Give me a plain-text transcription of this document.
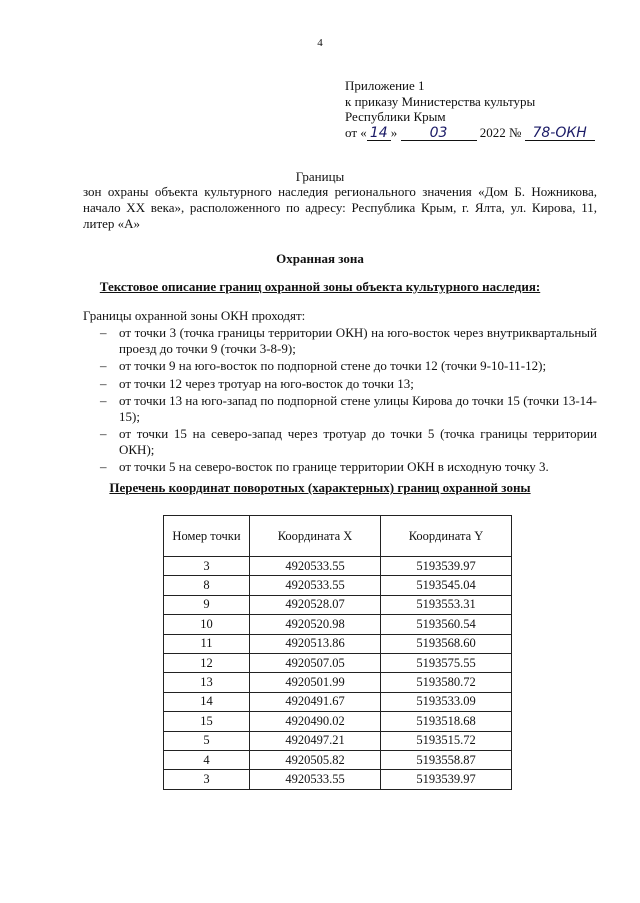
4
Приложение 1
к приказу Министерства культуры
Республики Крым
от « 14 » 03 2022 № 78-ОКН
Границы
зон охраны объекта культурного наследия регионального значения «Дом Б. Ножникова, начало XX века», расположенного по адресу: Республика Крым, г. Ялта, ул. Кирова, 11, литер «А»
Охранная зона
Текстовое описание границ охранной зоны объекта культурного наследия:
Границы охранной зоны ОКН проходят:
– от точки 3 (точка границы территории ОКН) на юго-восток через внутриквартальный проезд до точки 9 (точки 3-8-9);
– от точки 9 на юго-восток по подпорной стене до точки 12 (точки 9-10-11-12);
– от точки 12 через тротуар на юго-восток до точки 13;
– от точки 13 на юго-запад по подпорной стене улицы Кирова до точки 15 (точки 13-14-15);
– от точки 15 на северо-запад через тротуар до точки 5 (точка границы территории ОКН);
– от точки 5 на северо-восток по границе территории ОКН в исходную точку 3.
Перечень координат поворотных (характерных) границ охранной зоны
Номер точки	Координата X	Координата Y
3	4920533.55	5193539.97
8	4920533.55	5193545.04
9	4920528.07	5193553.31
10	4920520.98	5193560.54
11	4920513.86	5193568.60
12	4920507.05	5193575.55
13	4920501.99	5193580.72
14	4920491.67	5193533.09
15	4920490.02	5193518.68
5	4920497.21	5193515.72
4	4920505.82	5193558.87
3	4920533.55	5193539.97
